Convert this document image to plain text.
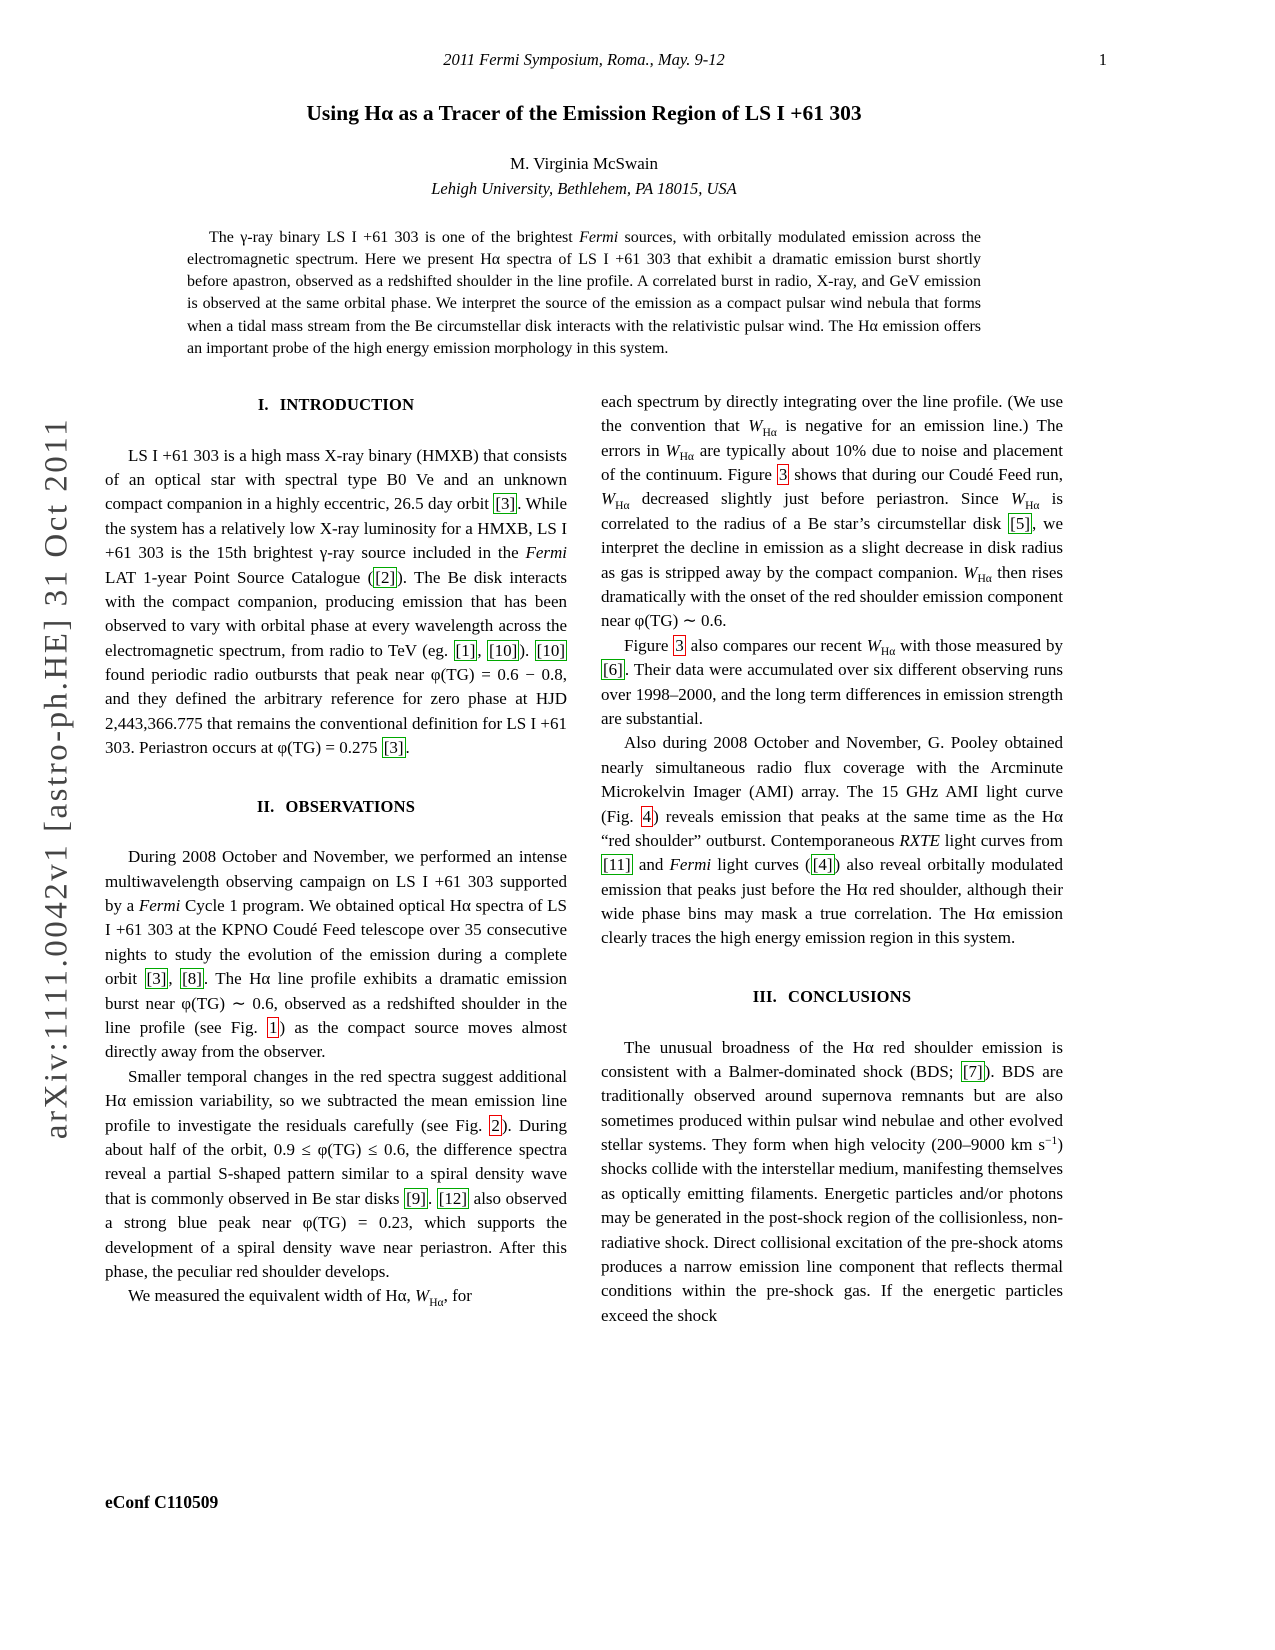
arXiv:1111.0042v1 [astro-ph.HE] 31 Oct 2011
2011 Fermi Symposium, Roma., May. 9-12	1
Using Hα as a Tracer of the Emission Region of LS I +61 303
M. Virginia McSwain
Lehigh University, Bethlehem, PA 18015, USA
The γ-ray binary LS I +61 303 is one of the brightest Fermi sources, with orbitally modulated emission across the electromagnetic spectrum. Here we present Hα spectra of LS I +61 303 that exhibit a dramatic emission burst shortly before apastron, observed as a redshifted shoulder in the line profile. A correlated burst in radio, X-ray, and GeV emission is observed at the same orbital phase. We interpret the source of the emission as a compact pulsar wind nebula that forms when a tidal mass stream from the Be circumstellar disk interacts with the relativistic pulsar wind. The Hα emission offers an important probe of the high energy emission morphology in this system.
I. INTRODUCTION

LS I +61 303 is a high mass X-ray binary (HMXB) that consists of an optical star with spectral type B0 Ve and an unknown compact companion in a highly eccentric, 26.5 day orbit [3] . While the system has a relatively low X-ray luminosity for a HMXB, LS I +61 303 is the 15th brightest γ-ray source included in the Fermi LAT 1-year Point Source Catalogue ( [2] ). The Be disk interacts with the compact companion, producing emission that has been observed to vary with orbital phase at every wavelength across the electromagnetic spectrum, from radio to TeV (eg. [1] , [10] ). [10] found periodic radio outbursts that peak near φ(TG) = 0.6 − 0.8, and they defined the arbitrary reference for zero phase at HJD 2,443,366.775 that remains the conventional definition for LS I +61 303. Periastron occurs at φ(TG) = 0.275 [3] .

II. OBSERVATIONS

During 2008 October and November, we performed an intense multiwavelength observing campaign on LS I +61 303 supported by a Fermi Cycle 1 program. We obtained optical Hα spectra of LS I +61 303 at the KPNO Coudé Feed telescope over 35 consecutive nights to study the evolution of the emission during a complete orbit [3] , [8] . The Hα line profile exhibits a dramatic emission burst near φ(TG) ∼ 0.6, observed as a redshifted shoulder in the line profile (see Fig. 1 ) as the compact source moves almost directly away from the observer.

Smaller temporal changes in the red spectra suggest additional Hα emission variability, so we subtracted the mean emission line profile to investigate the residuals carefully (see Fig. 2 ). During about half of the orbit, 0.9 ≤ φ(TG) ≤ 0.6, the difference spectra reveal a partial S-shaped pattern similar to a spiral density wave that is commonly observed in Be star disks [9] . [12] also observed a strong blue peak near φ(TG) = 0.23, which supports the development of a spiral density wave near periastron. After this phase, the peculiar red shoulder develops.

We measured the equivalent width of Hα, $W_{H\alpha}$, for

each spectrum by directly integrating over the line profile. (We use the convention that $W_{H\alpha}$ is negative for an emission line.) The errors in $W_{H\alpha}$ are typically about 10% due to noise and placement of the continuum. Figure 3 shows that during our Coudé Feed run, $W_{H\alpha}$ decreased slightly just before periastron. Since $W_{H\alpha}$ is correlated to the radius of a Be star’s circumstellar disk [5] , we interpret the decline in emission as a slight decrease in disk radius as gas is stripped away by the compact companion. $W_{H\alpha}$ then rises dramatically with the onset of the red shoulder emission component near φ(TG) ∼ 0.6.

Figure 3 also compares our recent $W_{H\alpha}$ with those measured by [6] . Their data were accumulated over six different observing runs over 1998–2000, and the long term differences in emission strength are substantial.

Also during 2008 October and November, G. Pooley obtained nearly simultaneous radio flux coverage with the Arcminute Microkelvin Imager (AMI) array. The 15 GHz AMI light curve (Fig. 4 ) reveals emission that peaks at the same time as the Hα “red shoulder” outburst. Contemporaneous RXTE light curves from [11] and Fermi light curves ( [4] ) also reveal orbitally modulated emission that peaks just before the Hα red shoulder, although their wide phase bins may mask a true correlation. The Hα emission clearly traces the high energy emission region in this system.

III. CONCLUSIONS

The unusual broadness of the Hα red shoulder emission is consistent with a Balmer-dominated shock (BDS; [7] ). BDS are traditionally observed around supernova remnants but are also sometimes produced within pulsar wind nebulae and other evolved stellar systems. They form when high velocity (200–9000 km $s^{-1}$) shocks collide with the interstellar medium, manifesting themselves as optically emitting filaments. Energetic particles and/or photons may be generated in the post-shock region of the collisionless, non-radiative shock. Direct collisional excitation of the pre-shock atoms produces a narrow emission line component that reflects thermal conditions within the pre-shock gas. If the energetic particles exceed the shock

eConf C110509
